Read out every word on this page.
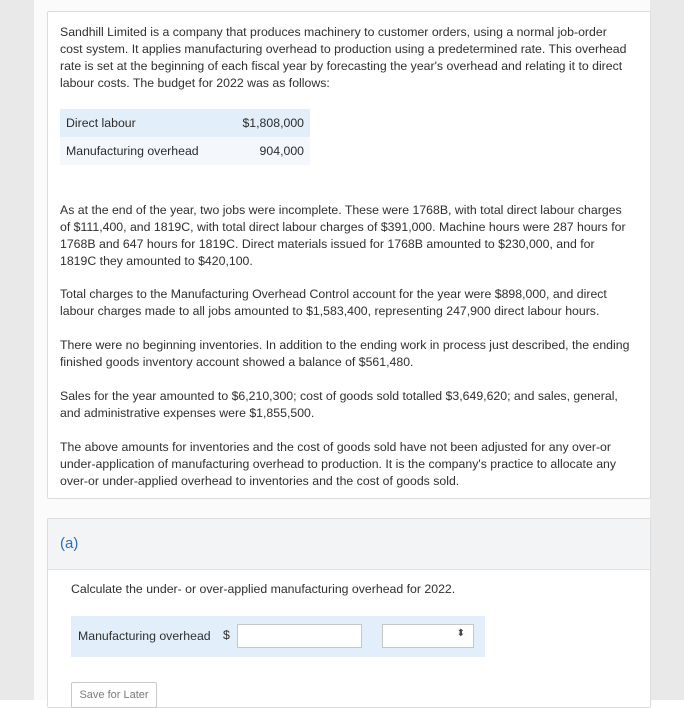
Sandhill Limited is a company that produces machinery to customer orders, using a normal job-order cost system. It applies manufacturing overhead to production using a predetermined rate. This overhead rate is set at the beginning of each fiscal year by forecasting the year's overhead and relating it to direct labour costs. The budget for 2022 was as follows:

Direct labour	$1,808,000
Manufacturing overhead	904,000

As at the end of the year, two jobs were incomplete. These were 1768B, with total direct labour charges of $111,400, and 1819C, with total direct labour charges of $391,000. Machine hours were 287 hours for 1768B and 647 hours for 1819C. Direct materials issued for 1768B amounted to $230,000, and for 1819C they amounted to $420,100.

Total charges to the Manufacturing Overhead Control account for the year were $898,000, and direct labour charges made to all jobs amounted to $1,583,400, representing 247,900 direct labour hours.

There were no beginning inventories. In addition to the ending work in process just described, the ending finished goods inventory account showed a balance of $561,480.

Sales for the year amounted to $6,210,300; cost of goods sold totalled $3,649,620; and sales, general, and administrative expenses were $1,855,500.

The above amounts for inventories and the cost of goods sold have not been adjusted for any over-or under-application of manufacturing overhead to production. It is the company's practice to allocate any over-or under-applied overhead to inventories and the cost of goods sold.

(a)
Calculate the under- or over-applied manufacturing overhead for 2022.
Manufacturing overhead $	⬍
Save for Later
